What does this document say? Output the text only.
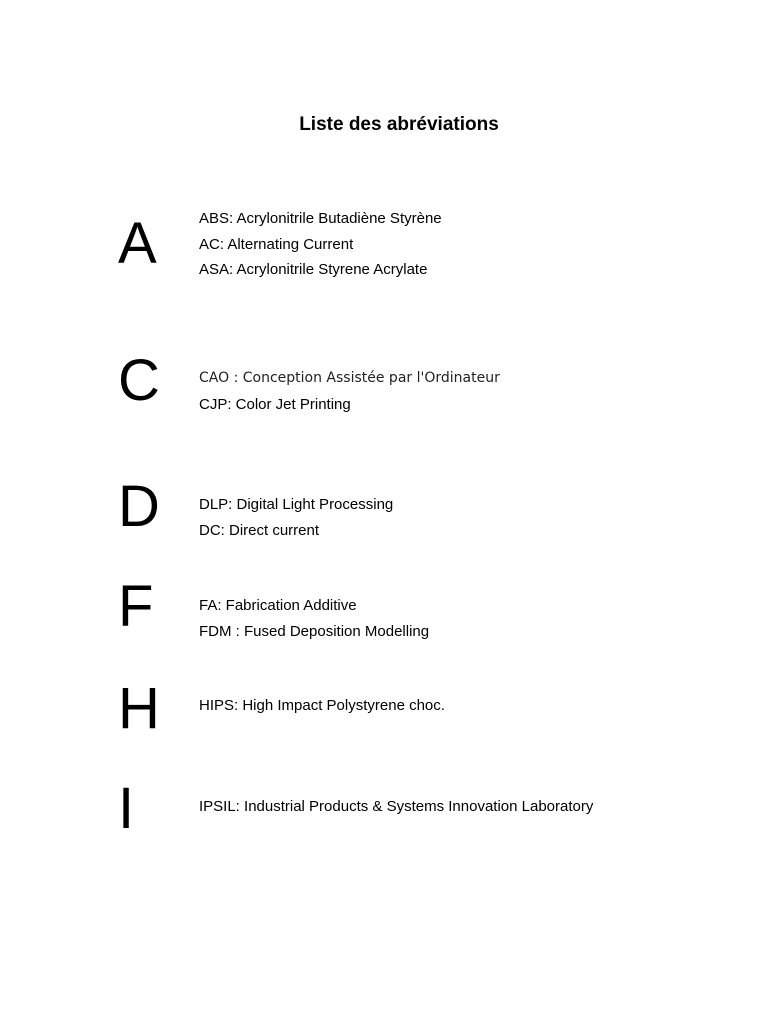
Liste des abréviations
A	ABS: Acrylonitrile Butadiène Styrène
AC: Alternating Current
ASA: Acrylonitrile Styrene Acrylate
C	CAO : Conception Assistée par l'Ordinateur
CJP: Color Jet Printing
D	DLP: Digital Light Processing
DC: Direct current
F	FA: Fabrication Additive
FDM : Fused Deposition Modelling
H	HIPS: High Impact Polystyrene choc.
I	IPSIL: Industrial Products & Systems Innovation Laboratory
